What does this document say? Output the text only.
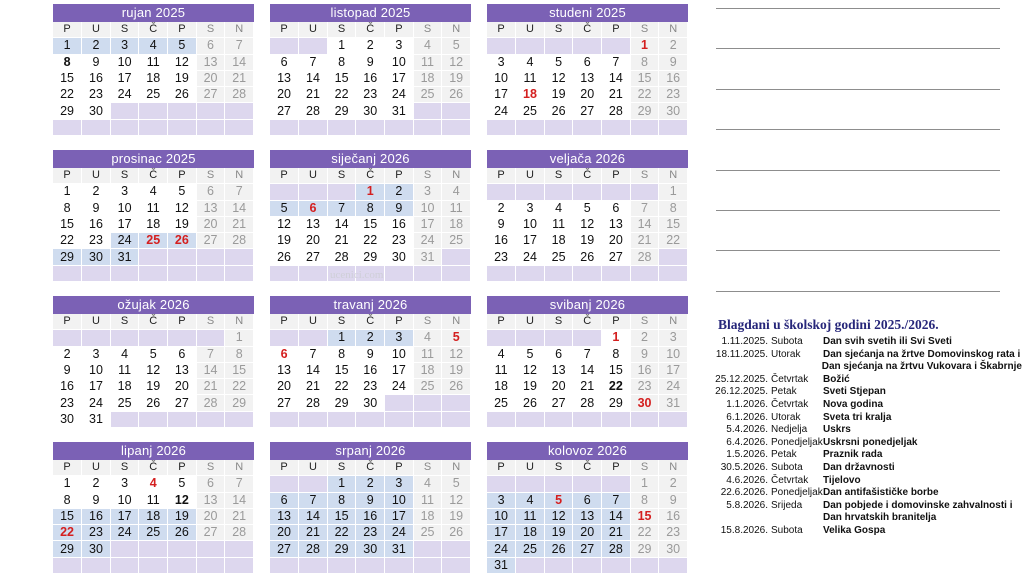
rujan 2025
P	U	S	Č	P	S	N
1	2	3	4	5	6	7
8	9	10	11	12	13	14
15	16	17	18	19	20	21
22	23	24	25	26	27	28
29	30					

listopad 2025
P	U	S	Č	P	S	N
		1	2	3	4	5
6	7	8	9	10	11	12
13	14	15	16	17	18	19
20	21	22	23	24	25	26
27	28	29	30	31		

studeni 2025
P	U	S	Č	P	S	N
					1	2
3	4	5	6	7	8	9
10	11	12	13	14	15	16
17	18	19	20	21	22	23
24	25	26	27	28	29	30

prosinac 2025
P	U	S	Č	P	S	N
1	2	3	4	5	6	7
8	9	10	11	12	13	14
15	16	17	18	19	20	21
22	23	24	25	26	27	28
29	30	31				

siječanj 2026
P	U	S	Č	P	S	N
			1	2	3	4
5	6	7	8	9	10	11
12	13	14	15	16	17	18
19	20	21	22	23	24	25
26	27	28	29	30	31	

veljača 2026
P	U	S	Č	P	S	N
						1
2	3	4	5	6	7	8
9	10	11	12	13	14	15
16	17	18	19	20	21	22
23	24	25	26	27	28	

ožujak 2026
P	U	S	Č	P	S	N
						1
2	3	4	5	6	7	8
9	10	11	12	13	14	15
16	17	18	19	20	21	22
23	24	25	26	27	28	29
30	31					
travanj 2026
P	U	S	Č	P	S	N
		1	2	3	4	5
6	7	8	9	10	11	12
13	14	15	16	17	18	19
20	21	22	23	24	25	26
27	28	29	30			

svibanj 2026
P	U	S	Č	P	S	N
				1	2	3
4	5	6	7	8	9	10
11	12	13	14	15	16	17
18	19	20	21	22	23	24
25	26	27	28	29	30	31

lipanj 2026
P	U	S	Č	P	S	N
1	2	3	4	5	6	7
8	9	10	11	12	13	14
15	16	17	18	19	20	21
22	23	24	25	26	27	28
29	30					

srpanj 2026
P	U	S	Č	P	S	N
		1	2	3	4	5
6	7	8	9	10	11	12
13	14	15	16	17	18	19
20	21	22	23	24	25	26
27	28	29	30	31		

kolovoz 2026
P	U	S	Č	P	S	N
					1	2
3	4	5	6	7	8	9
10	11	12	13	14	15	16
17	18	19	20	21	22	23
24	25	26	27	28	29	30
31						
ucenici.com
Blagdani u školskoj godini 2025./2026.
1.11.2025. Subota	Dan svih svetih ili Svi Sveti
18.11.2025. Utorak	Dan sjećanja na žrtve Domovinskog rata i
Dan sjećanja na žrtvu Vukovara i Škabrnje
25.12.2025. Četvrtak	Božić
26.12.2025. Petak	Sveti Stjepan
1.1.2026. Četvrtak	Nova godina
6.1.2026. Utorak	Sveta tri kralja
5.4.2026. Nedjelja	Uskrs
6.4.2026. Ponedjeljak Uskrsni ponedjeljak
1.5.2026. Petak	Praznik rada
30.5.2026. Subota	Dan državnosti
4.6.2026. Četvrtak	Tijelovo
22.6.2026. Ponedjeljak Dan antifašističke borbe
5.8.2026. Srijeda	Dan pobjede i domovinske zahvalnosti i
Dan hrvatskih branitelja
15.8.2026. Subota	Velika Gospa
